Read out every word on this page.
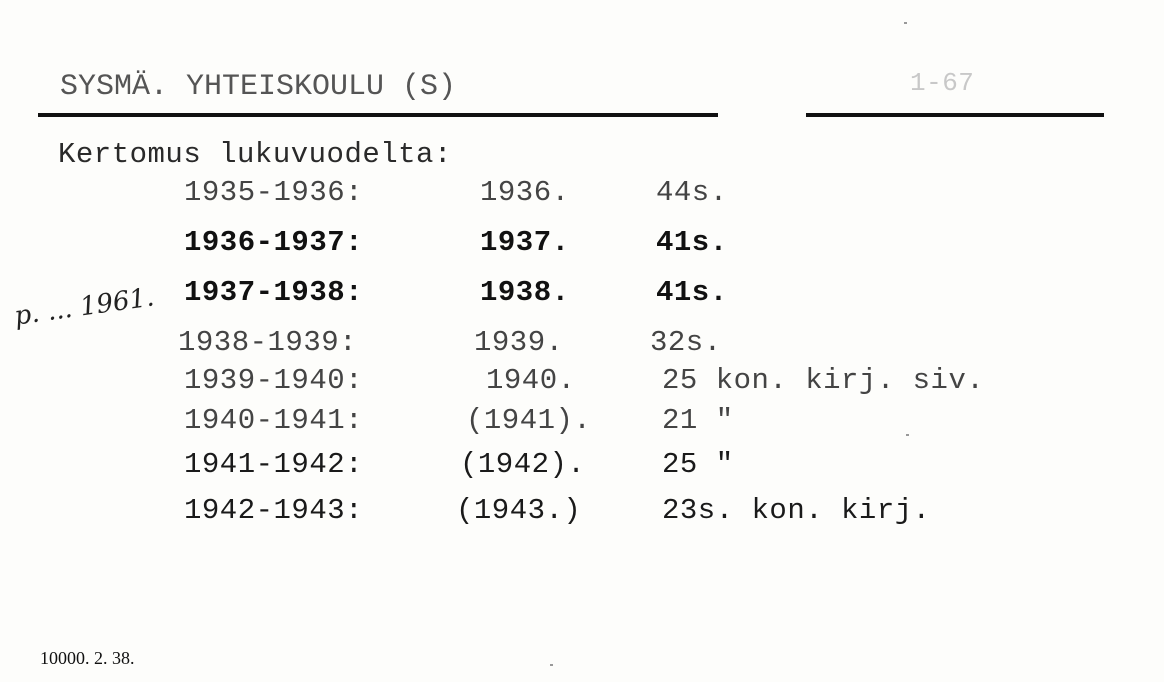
SYSMÄ. YHTEISKOULU (S)	1-67
Kertomus lukuvuodelta:
p. ... 1961.
1935-1936:	1936.	44s.
1936-1937:	1937.	41s.
1937-1938:	1938.	41s.
1938-1939:	1939.	32s.
1939-1940:	1940.	25 kon. kirj. siv.
1940-1941:	(1941). 21 "
1941-1942:	(1942).	25 "
1942-1943:	(1943.)	23s. kon. kirj.
10000. 2. 38.
